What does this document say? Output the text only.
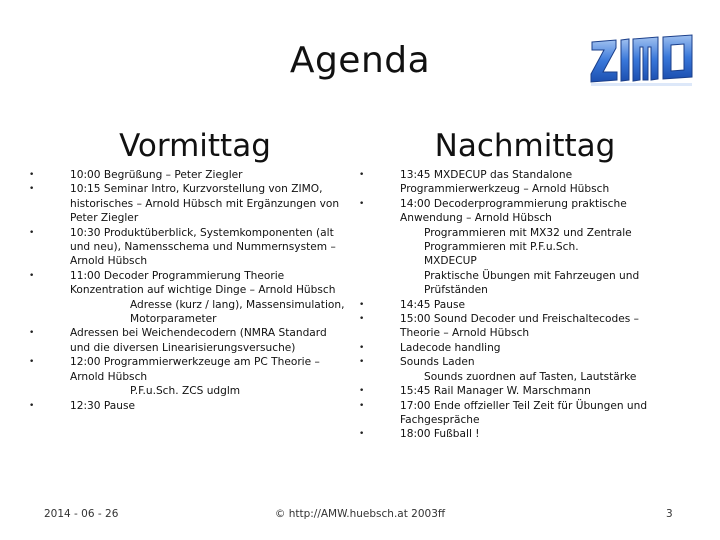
Agenda
Vormittag	Nachmittag
• 10:00 Begrüßung – Peter Ziegler
• 10:15 Seminar Intro, Kurzvorstellung von ZIMO,
historisches – Arnold Hübsch mit Ergänzungen von
Peter Ziegler
• 10:30 Produktüberblick, Systemkomponenten (alt
und neu), Namensschema und Nummernsystem –
Arnold Hübsch
• 11:00 Decoder Programmierung Theorie
Konzentration auf wichtige Dinge – Arnold Hübsch
Adresse (kurz / lang), Massensimulation,
Motorparameter
• Adressen bei Weichendecodern (NMRA Standard
und die diversen Linearisierungsversuche)
• 12:00 Programmierwerkzeuge am PC Theorie –
Arnold Hübsch
P.F.u.Sch. ZCS udglm
• 12:30 Pause
• 13:45 MXDECUP das Standalone
Programmierwerkzeug – Arnold Hübsch
• 14:00 Decoderprogrammierung praktische
Anwendung – Arnold Hübsch
Programmieren mit MX32 und Zentrale
Programmieren mit P.F.u.Sch.
MXDECUP
Praktische Übungen mit Fahrzeugen und
Prüfständen
• 14:45 Pause
• 15:00 Sound Decoder und Freischaltecodes –
Theorie – Arnold Hübsch
• Ladecode handling
• Sounds Laden
Sounds zuordnen auf Tasten, Lautstärke
• 15:45 Rail Manager W. Marschmann
• 17:00 Ende offzieller Teil Zeit für Übungen und
Fachgespräche
• 18:00 Fußball !
2014 - 06 - 26	© http://AMW.huebsch.at 2003ff	3
